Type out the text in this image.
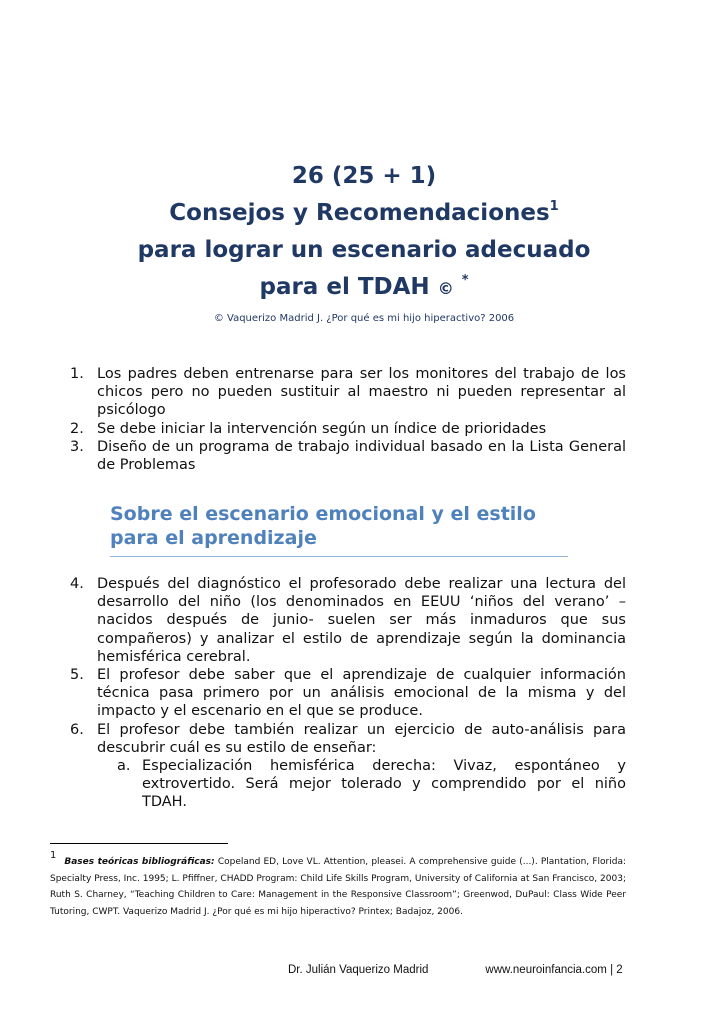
26 (25 + 1)
Consejos y Recomendaciones$^1$
para lograr un escenario adecuado
para el TDAH © *
© Vaquerizo Madrid J. ¿Por qué es mi hijo hiperactivo? 2006
1. Los padres deben entrenarse para ser los monitores del trabajo de los chicos pero no pueden sustituir al maestro ni pueden representar al psicólogo
2. Se debe iniciar la intervención según un índice de prioridades
3. Diseño de un programa de trabajo individual basado en la Lista General de Problemas
Sobre el escenario emocional y el estilo
para el aprendizaje
4. Después del diagnóstico el profesorado debe realizar una lectura del desarrollo del niño (los denominados en EEUU ‘niños del verano’ – nacidos después de junio- suelen ser más inmaduros que sus compañeros) y analizar el estilo de aprendizaje según la dominancia hemisférica cerebral.
5. El profesor debe saber que el aprendizaje de cualquier información técnica pasa primero por un análisis emocional de la misma y del impacto y el escenario en el que se produce.
6. El profesor debe también realizar un ejercicio de auto-análisis para descubrir cuál es su estilo de enseñar:
a. Especialización hemisférica derecha: Vivaz, espontáneo y extrovertido. Será mejor tolerado y comprendido por el niño TDAH.
1Bases teóricas bibliográficas: Copeland ED, Love VL. Attention, pleasei. A comprehensive guide (...). Plantation, Florida: Specialty Press, Inc. 1995; L. Pfiffner, CHADD Program: Child Life Skills Program, University of California at San Francisco, 2003; Ruth S. Charney, “Teaching Children to Care: Management in the Responsive Classroom”; Greenwod, DuPaul: Class Wide Peer Tutoring, CWPT. Vaquerizo Madrid J. ¿Por qué es mi hijo hiperactivo? Printex; Badajoz, 2006.
Dr. Julián Vaquerizo Madrid	www.neuroinfancia.com | 2
